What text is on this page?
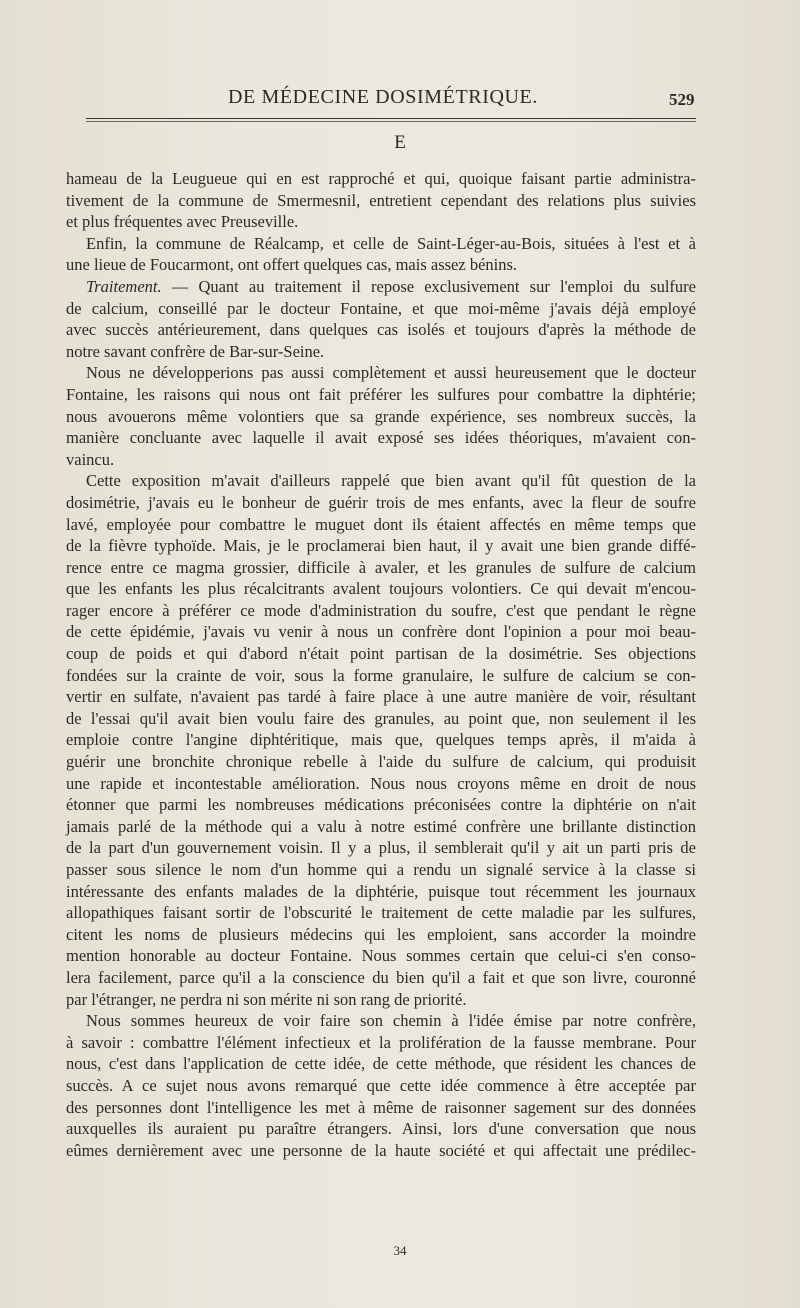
DE MÉDECINE DOSIMÉTRIQUE.	529
E
hameau de la Leugueue qui en est rapproché et qui, quoique faisant partie administra-
tivement de la commune de Smermesnil, entretient cependant des relations plus suivies
et plus fréquentes avec Preuseville.
Enfin, la commune de Réalcamp, et celle de Saint-Léger-au-Bois, situées à l'est et à
une lieue de Foucarmont, ont offert quelques cas, mais assez bénins.
Traitement. — Quant au traitement il repose exclusivement sur l'emploi du sulfure
de calcium, conseillé par le docteur Fontaine, et que moi-même j'avais déjà employé
avec succès antérieurement, dans quelques cas isolés et toujours d'après la méthode de
notre savant confrère de Bar-sur-Seine.
Nous ne développerions pas aussi complètement et aussi heureusement que le docteur
Fontaine, les raisons qui nous ont fait préférer les sulfures pour combattre la diphtérie;
nous avouerons même volontiers que sa grande expérience, ses nombreux succès, la
manière concluante avec laquelle il avait exposé ses idées théoriques, m'avaient con-
vaincu.
Cette exposition m'avait d'ailleurs rappelé que bien avant qu'il fût question de la
dosimétrie, j'avais eu le bonheur de guérir trois de mes enfants, avec la fleur de soufre
lavé, employée pour combattre le muguet dont ils étaient affectés en même temps que
de la fièvre typhoïde. Mais, je le proclamerai bien haut, il y avait une bien grande diffé-
rence entre ce magma grossier, difficile à avaler, et les granules de sulfure de calcium
que les enfants les plus récalcitrants avalent toujours volontiers. Ce qui devait m'encou-
rager encore à préférer ce mode d'administration du soufre, c'est que pendant le règne
de cette épidémie, j'avais vu venir à nous un confrère dont l'opinion a pour moi beau-
coup de poids et qui d'abord n'était point partisan de la dosimétrie. Ses objections
fondées sur la crainte de voir, sous la forme granulaire, le sulfure de calcium se con-
vertir en sulfate, n'avaient pas tardé à faire place à une autre manière de voir, résultant
de l'essai qu'il avait bien voulu faire des granules, au point que, non seulement il les
emploie contre l'angine diphtéritique, mais que, quelques temps après, il m'aida à
guérir une bronchite chronique rebelle à l'aide du sulfure de calcium, qui produisit
une rapide et incontestable amélioration. Nous nous croyons même en droit de nous
étonner que parmi les nombreuses médications préconisées contre la diphtérie on n'ait
jamais parlé de la méthode qui a valu à notre estimé confrère une brillante distinction
de la part d'un gouvernement voisin. Il y a plus, il semblerait qu'il y ait un parti pris de
passer sous silence le nom d'un homme qui a rendu un signalé service à la classe si
intéressante des enfants malades de la diphtérie, puisque tout récemment les journaux
allopathiques faisant sortir de l'obscurité le traitement de cette maladie par les sulfures,
citent les noms de plusieurs médecins qui les emploient, sans accorder la moindre
mention honorable au docteur Fontaine. Nous sommes certain que celui-ci s'en conso-
lera facilement, parce qu'il a la conscience du bien qu'il a fait et que son livre, couronné
par l'étranger, ne perdra ni son mérite ni son rang de priorité.
Nous sommes heureux de voir faire son chemin à l'idée émise par notre confrère,
à savoir : combattre l'élément infectieux et la prolifération de la fausse membrane. Pour
nous, c'est dans l'application de cette idée, de cette méthode, que résident les chances de
succès. A ce sujet nous avons remarqué que cette idée commence à être acceptée par
des personnes dont l'intelligence les met à même de raisonner sagement sur des données
auxquelles ils auraient pu paraître étrangers. Ainsi, lors d'une conversation que nous
eûmes dernièrement avec une personne de la haute société et qui affectait une prédilec-
34
